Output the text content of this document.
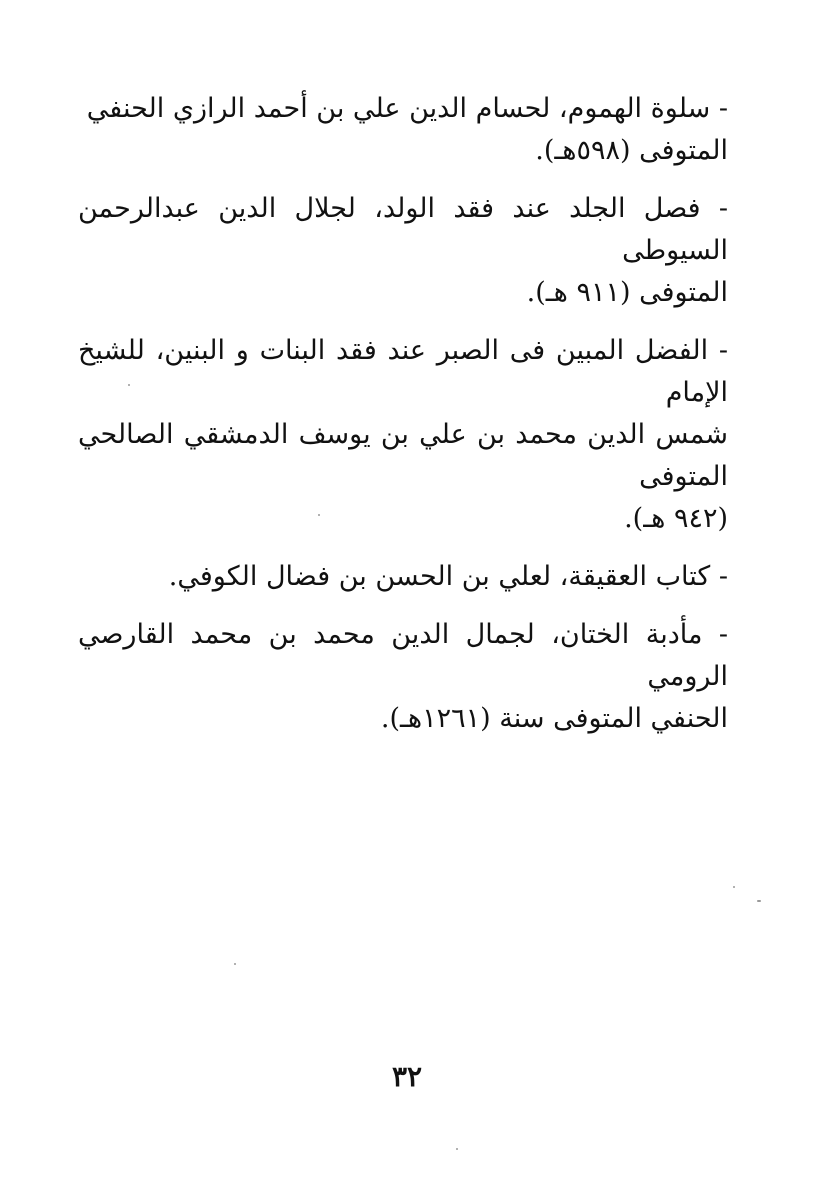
- سلوة الهموم، لحسام الدين علي بن أحمد الرازي الحنفي
المتوفى (٥٩٨هـ).

- فصل الجلد عند فقد الولد، لجلال الدين عبدالرحمن السيوطى
المتوفى (٩١١ هـ).

- الفضل المبين فى الصبر عند فقد البنات و البنين، للشيخ الإمام
شمس الدين محمد بن علي بن يوسف الدمشقي الصالحي المتوفى
(٩٤٢ هـ).

- كتاب العقيقة، لعلي بن الحسن بن فضال الكوفي.

- مأدبة الختان، لجمال الدين محمد بن محمد القارصي الرومي
الحنفي المتوفى سنة (١٢٦١هـ).

٣٢
